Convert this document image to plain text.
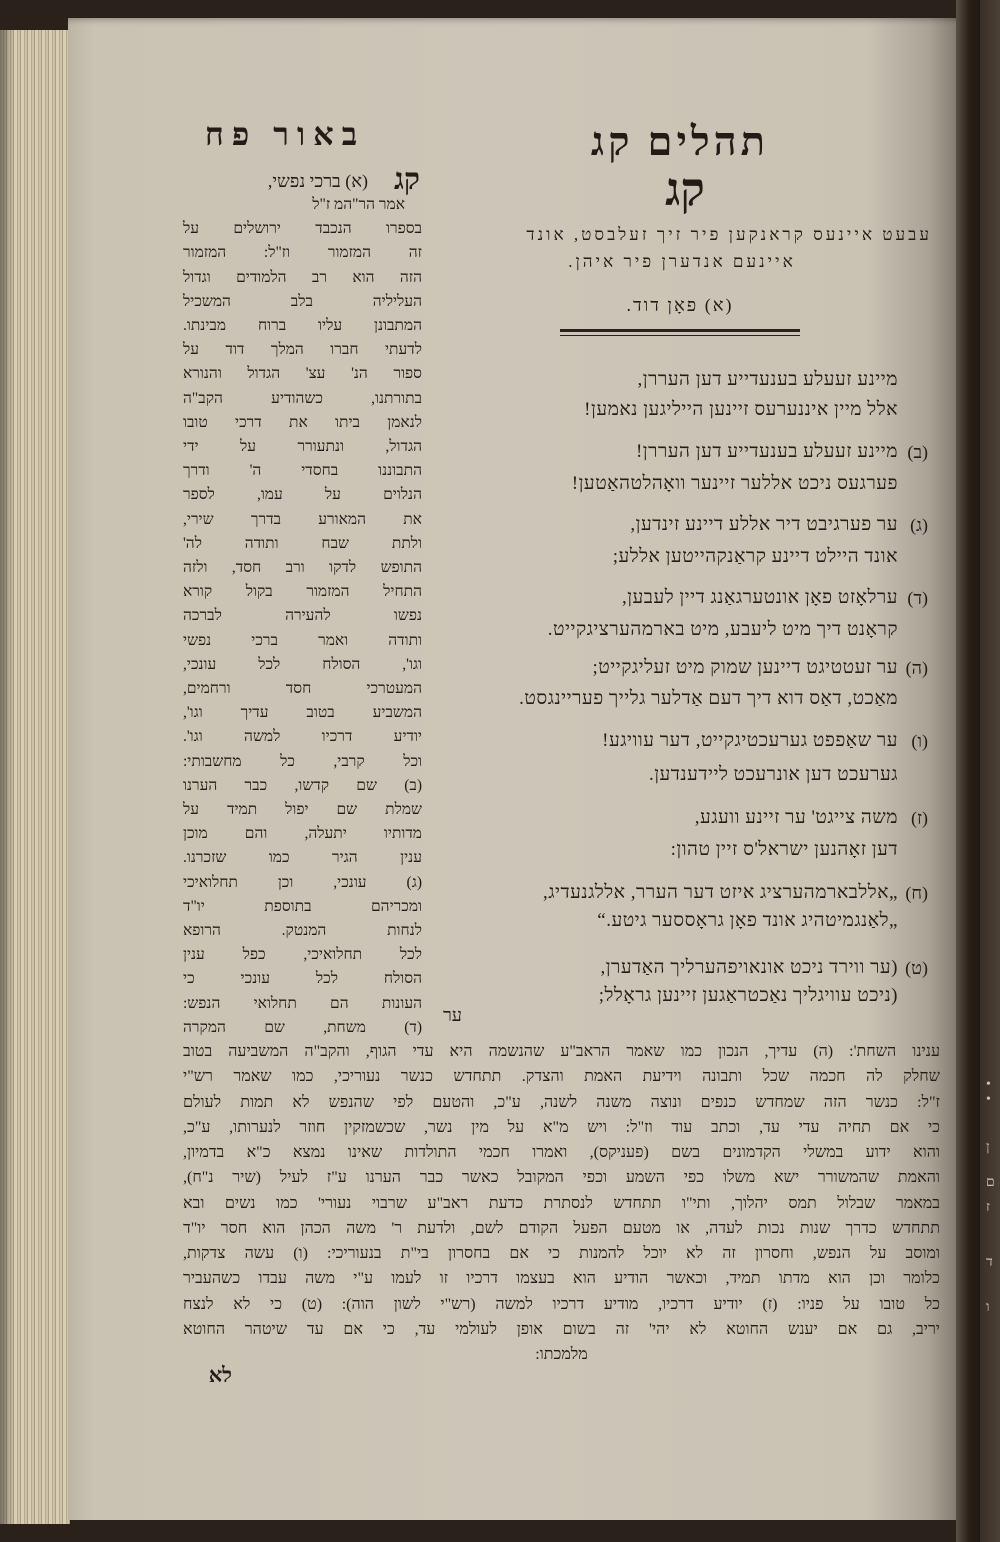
•
•
ן
ם
ז
ד
ו
תהלים קג
באור פח
קג
עבעט איינעס קראנקען פיר זיך זעלבסט, אונד
איינעם אנדערן פיר איהן.
(א) פאָן דוד.
מיינע זעעלע בענעדייע דען העררן,
אלל מיין איננערעס זיינען הייליגען נאמען!
(ב)
מיינע זעעלע בענעדייע דען העררן!
פערגעס ניכט אללער זיינער וואָהלטהאַטען!
(ג)
ער פערגיבט דיר אללע דיינע זינדען,
אונד היילט דיינע קראַנקהייטען אללע;
(ד)
ערלאָזט פאָן אונטערגאַנג דיין לעבען,
קראָנט דיך מיט ליעבע, מיט בארמהערציגקייט.
(ה)
ער זעטטיגט דיינען שמוק מיט זעליגקייט;
מאַכט, דאַס דוא דיך דעם אַדלער גלייך פעריינגסט.
(ו)
ער שאַפפט גערעכטיגקייט, דער עוויגע!
גערעכט דען אונרעכט ליידענדען.
(ז)
משה צייגט' ער זיינע וועגע,
דען זאָהנען ישראל'ס זיין טהון:
(ח)
„אללבארמהערציג איזט דער הערר, אללגנעדיג,
„לאַנגמיטהיג אונד פאָן גראָססער גיטע.“
(ט)
(ער ווירד ניכט אונאויפהערליך האַדערן,
(ניכט עוויגליך נאַכטראַגען זיינען גראָלל;
ער
קג
(א) ברכי נפשי,
אמר הר"המ ז"ל
בספרו הנכבד ירושלים על
זה המזמור וז"ל: המזמור
הזה הוא רב הלמודים וגדול
העליליה בלב המשכיל
המתבונן עליו ברוח מבינתו.
לדעתי חברו המלך דוד על
ספור הנ' עצ' הגדול והנורא
בתורתנו, כשהודיע הקב"ה
לנאמן ביתו את דרכי טובו
הגדול, ונתעורר על ידי
התבוננו בחסדי ה' ודרך
הנלוים על עמו, לספר
את המאורע בדרך שירי,
ולתת שבח ותודה לה'
התופש לדקו ורב חסד, ולזה
התחיל המזמור בקול קורא
נפשו להעירה לברכה
ותודה ואמר ברכי נפשי
וגו', הסולח לכל עונכי,
המעטרכי חסד ורחמים,
המשביע בטוב עדיך וגו',
יודיע דרכיו למשה וגו'.
וכל קרבי, כל מחשבותי:
(ב) שם קדשו, כבר הערנו
שמלת שם יפול תמיד על
מדותיו יתעלה, והם מוכן
ענין הגיר כמו שזכרנו.
(ג) עונכי, וכן תחלואיכי
ומכריהם בתוספת יו"ד
לנחות המנטק. הרופא
לכל תחלואיכי, כפל ענין
הסולח לכל עונכי כי
העונות הם תחלואי הנפש:
(ד) משחת, שם המקרה
ענינו השחת': (ה) עדיך, הנכון כמו שאמר הראב"ע שהנשמה היא עדי הגוף, והקב"ה המשביעה בטוב
שחלק לה חכמה שכל ותבונה וידיעת האמת והצדק. תתחדש כנשר נעוריכי, כמו שאמר רש"י
ז"ל: כנשר הזה שמחדש כנפים ונוצה משנה לשנה, ע"כ, והטעם לפי שהנפש לא תמות לעולם
כי אם תחיה עדי עד, וכתב עוד וז"ל: ויש מ"א על מין נשר, שכשמזקין חוזר לנערותו, ע"כ,
והוא ידוע במשלי הקדמונים בשם (פעניקס), ואמרו חכמי התולדות שאינו נמצא כ"א בדמיון,
והאמת שהמשורר ישא משלו כפי השמע וכפי המקובל כאשר כבר הערנו ע"ז לעיל (שיר נ"ח),
במאמר שבלול תמס יהלוך, ותי"ו תתחדש לנסתרת כדעת ראב"ע שרבוי נעורי' כמו נשים ובא
תתחדש כדרך שנות נכות לעדה, או מטעם הפעל הקודם לשם, ולדעת ר' משה הכהן הוא חסר יו"ד
ומוסב על הנפש, וחסרון זה לא יוכל להמנות כי אם בחסרון בי"ת בנעוריכי: (ו) עשה צדקות,
כלומר וכן הוא מדתו תמיד, וכאשר הודיע הוא בעצמו דרכיו זו לעמו ע"י משה עבדו כשהעביר
כל טובו על פניו: (ז) יודיע דרכיו, מודיע דרכיו למשה (רש"י לשון הוה): (ט) כי לא לנצח
יריב, גם אם יענש החוטא לא יהי' זה בשום אופן לעולמי עד, כי אם עד שיטהר החוטא
מלמכתו:
לא
